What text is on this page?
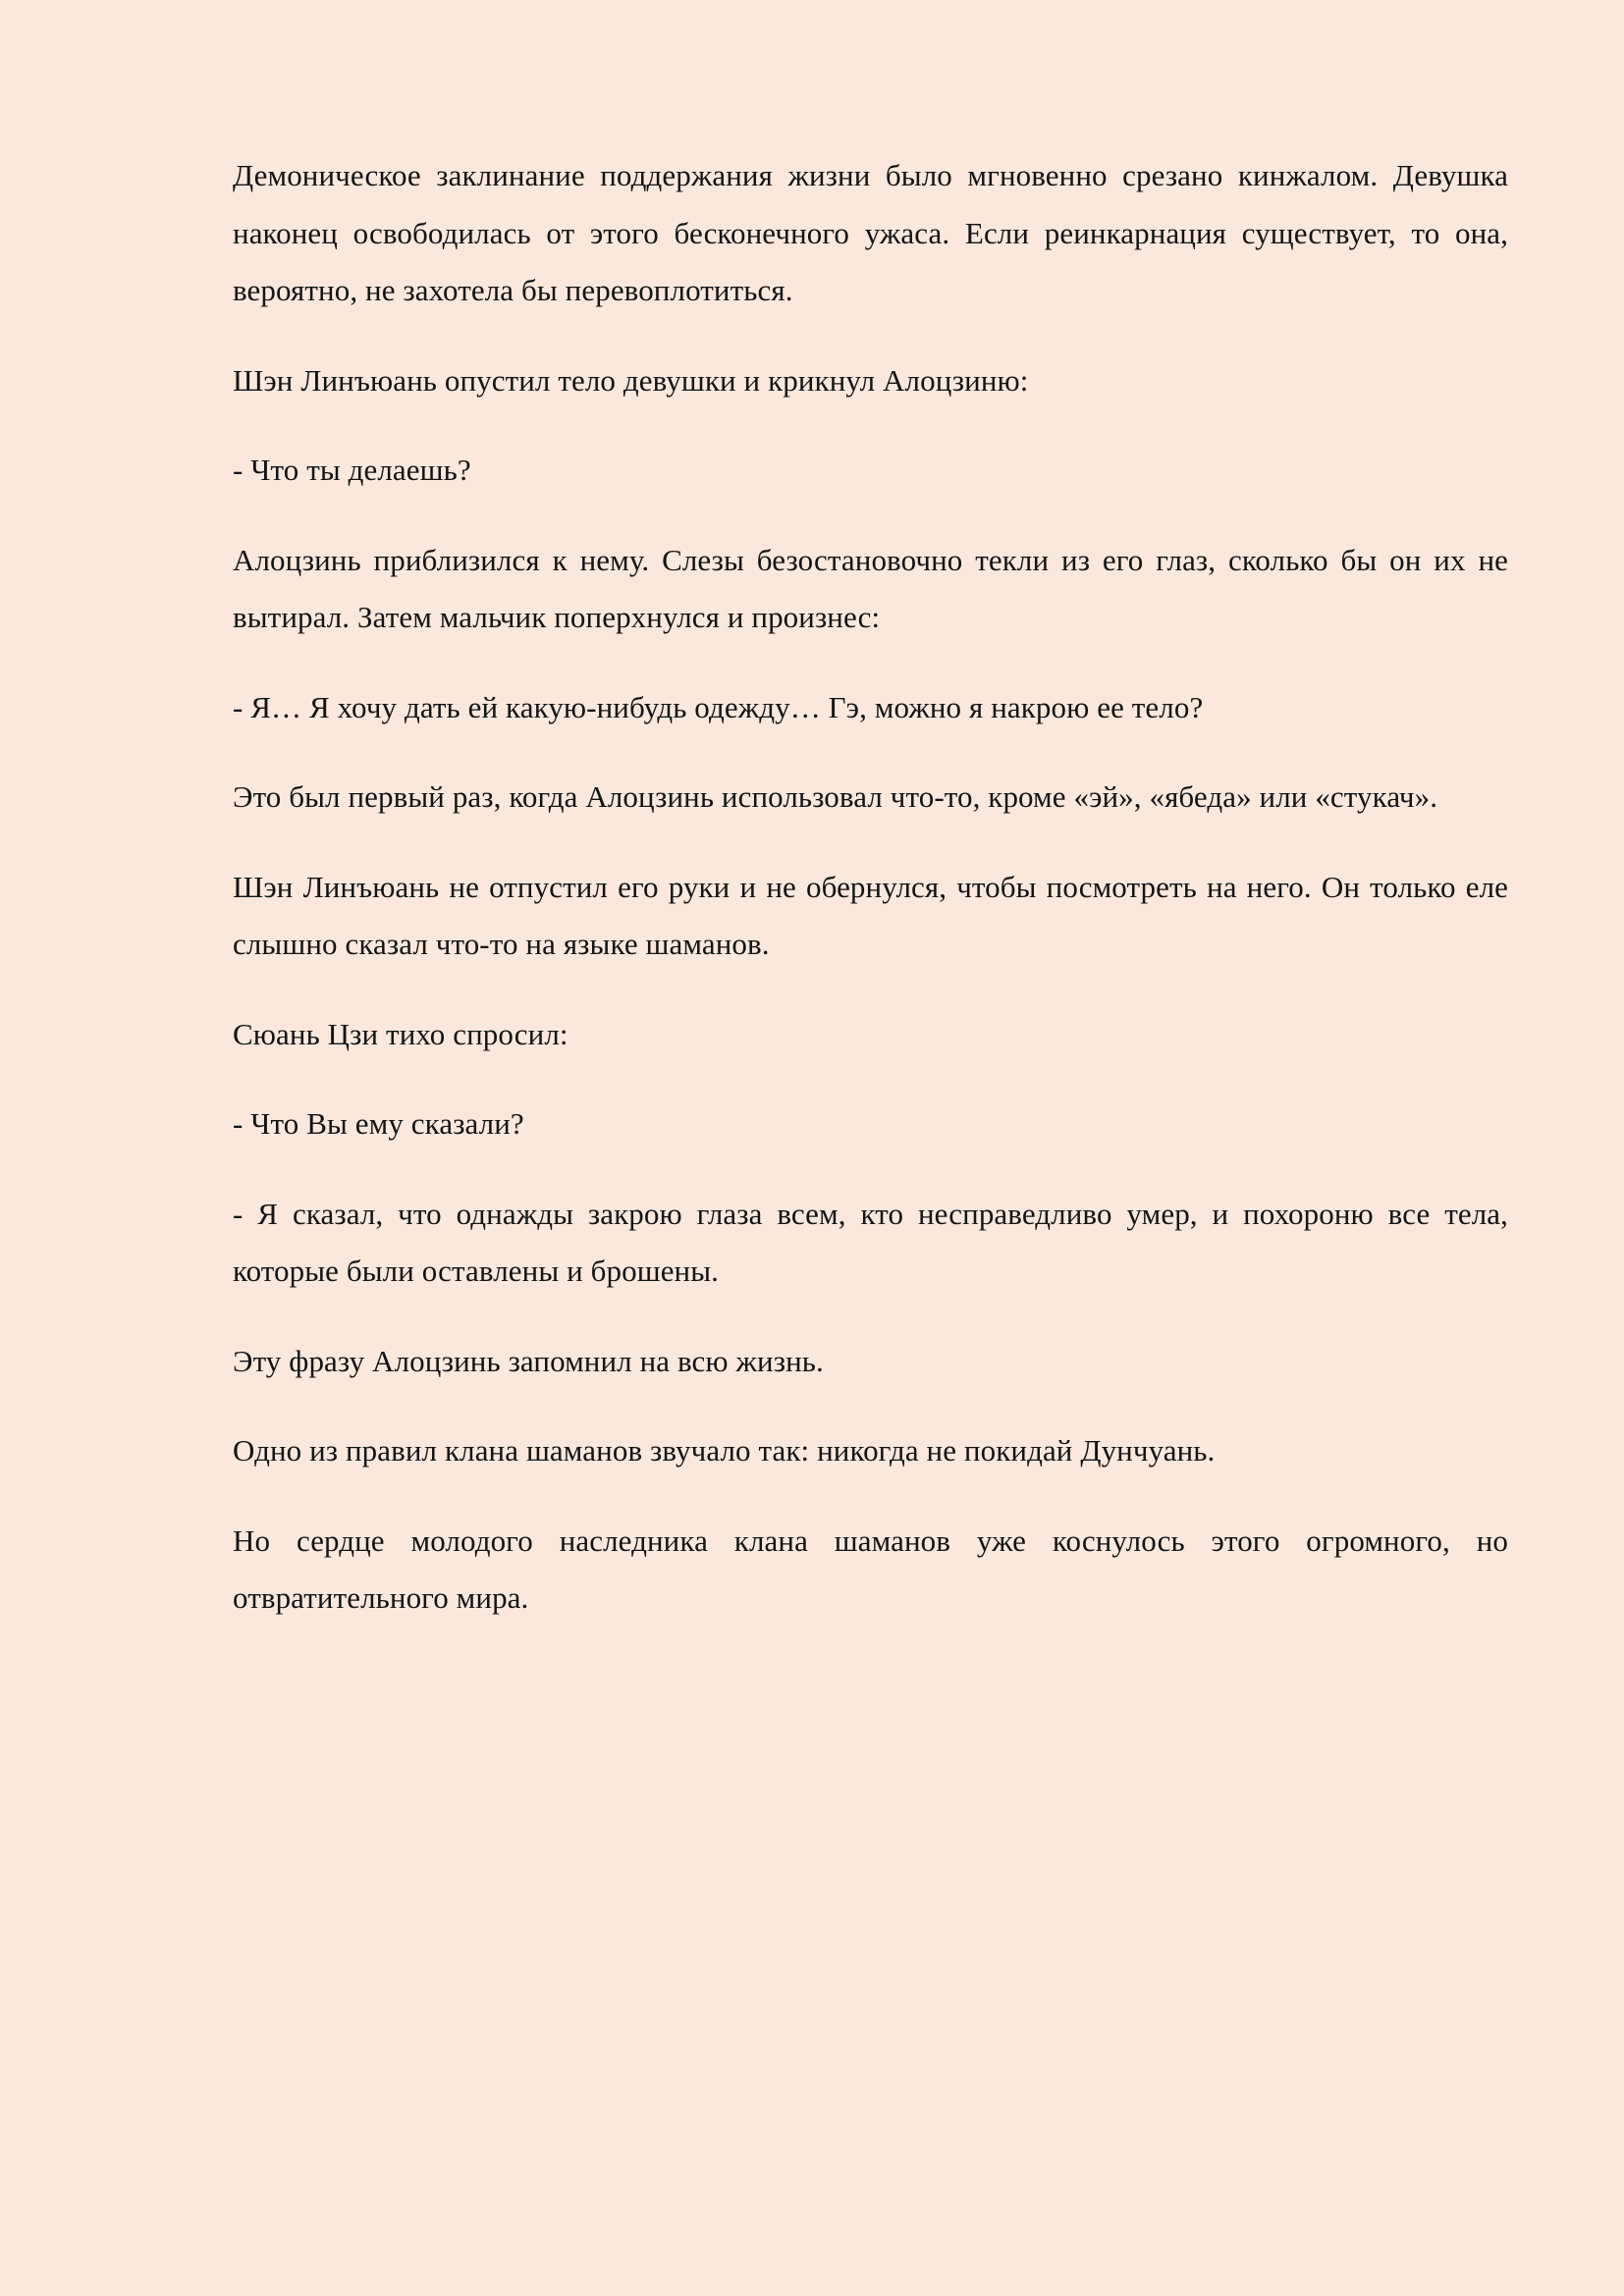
Демоническое заклинание поддержания жизни было мгновенно срезано кинжалом. Девушка наконец освободилась от этого бесконечного ужаса. Если реинкарнация существует, то она, вероятно, не захотела бы перевоплотиться.

Шэн Линъюань опустил тело девушки и крикнул Алоцзиню:

- Что ты делаешь?

Алоцзинь приблизился к нему. Слезы безостановочно текли из его глаз, сколько бы он их не вытирал. Затем мальчик поперхнулся и произнес:

- Я… Я хочу дать ей какую-нибудь одежду… Гэ, можно я накрою ее тело?

Это был первый раз, когда Алоцзинь использовал что-то, кроме «эй», «ябеда» или «стукач».

Шэн Линъюань не отпустил его руки и не обернулся, чтобы посмотреть на него. Он только еле слышно сказал что-то на языке шаманов.

Сюань Цзи тихо спросил:

- Что Вы ему сказали?

- Я сказал, что однажды закрою глаза всем, кто несправедливо умер, и похороню все тела, которые были оставлены и брошены.

Эту фразу Алоцзинь запомнил на всю жизнь.

Одно из правил клана шаманов звучало так: никогда не покидай Дунчуань.

Но сердце молодого наследника клана шаманов уже коснулось этого огромного, но отвратительного мира.
